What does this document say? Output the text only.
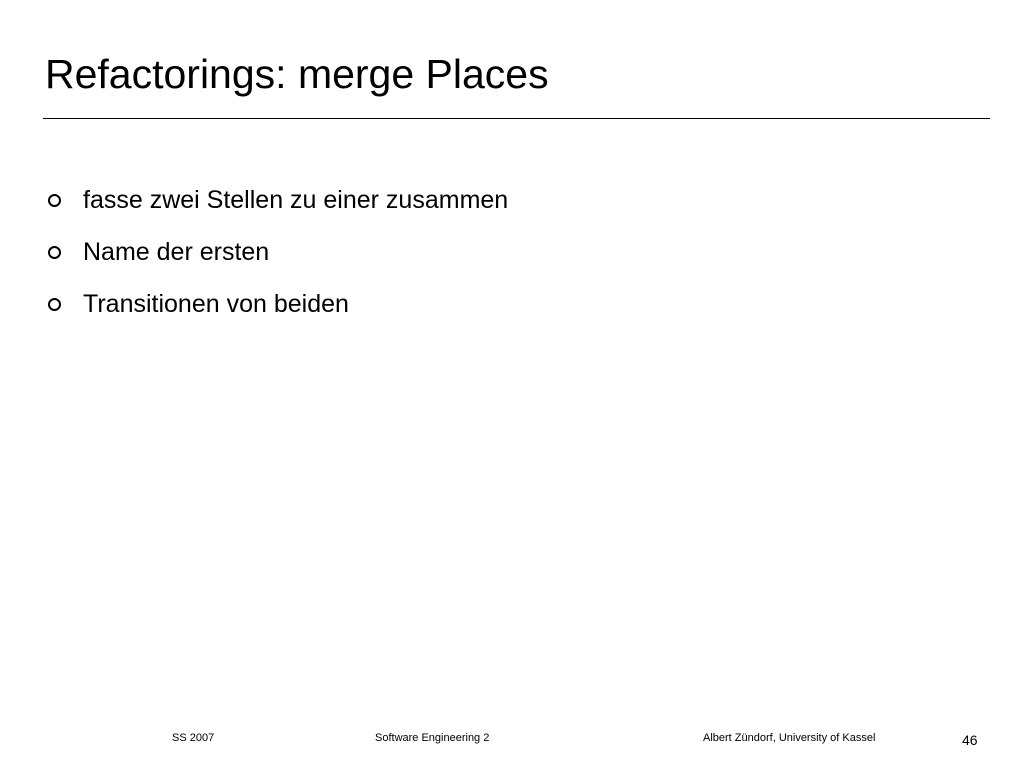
Refactorings: merge Places
fasse zwei Stellen zu einer zusammen
Name der ersten
Transitionen von beiden
SS 2007	Software Engineering 2	Albert Zündorf, University of Kassel	46
